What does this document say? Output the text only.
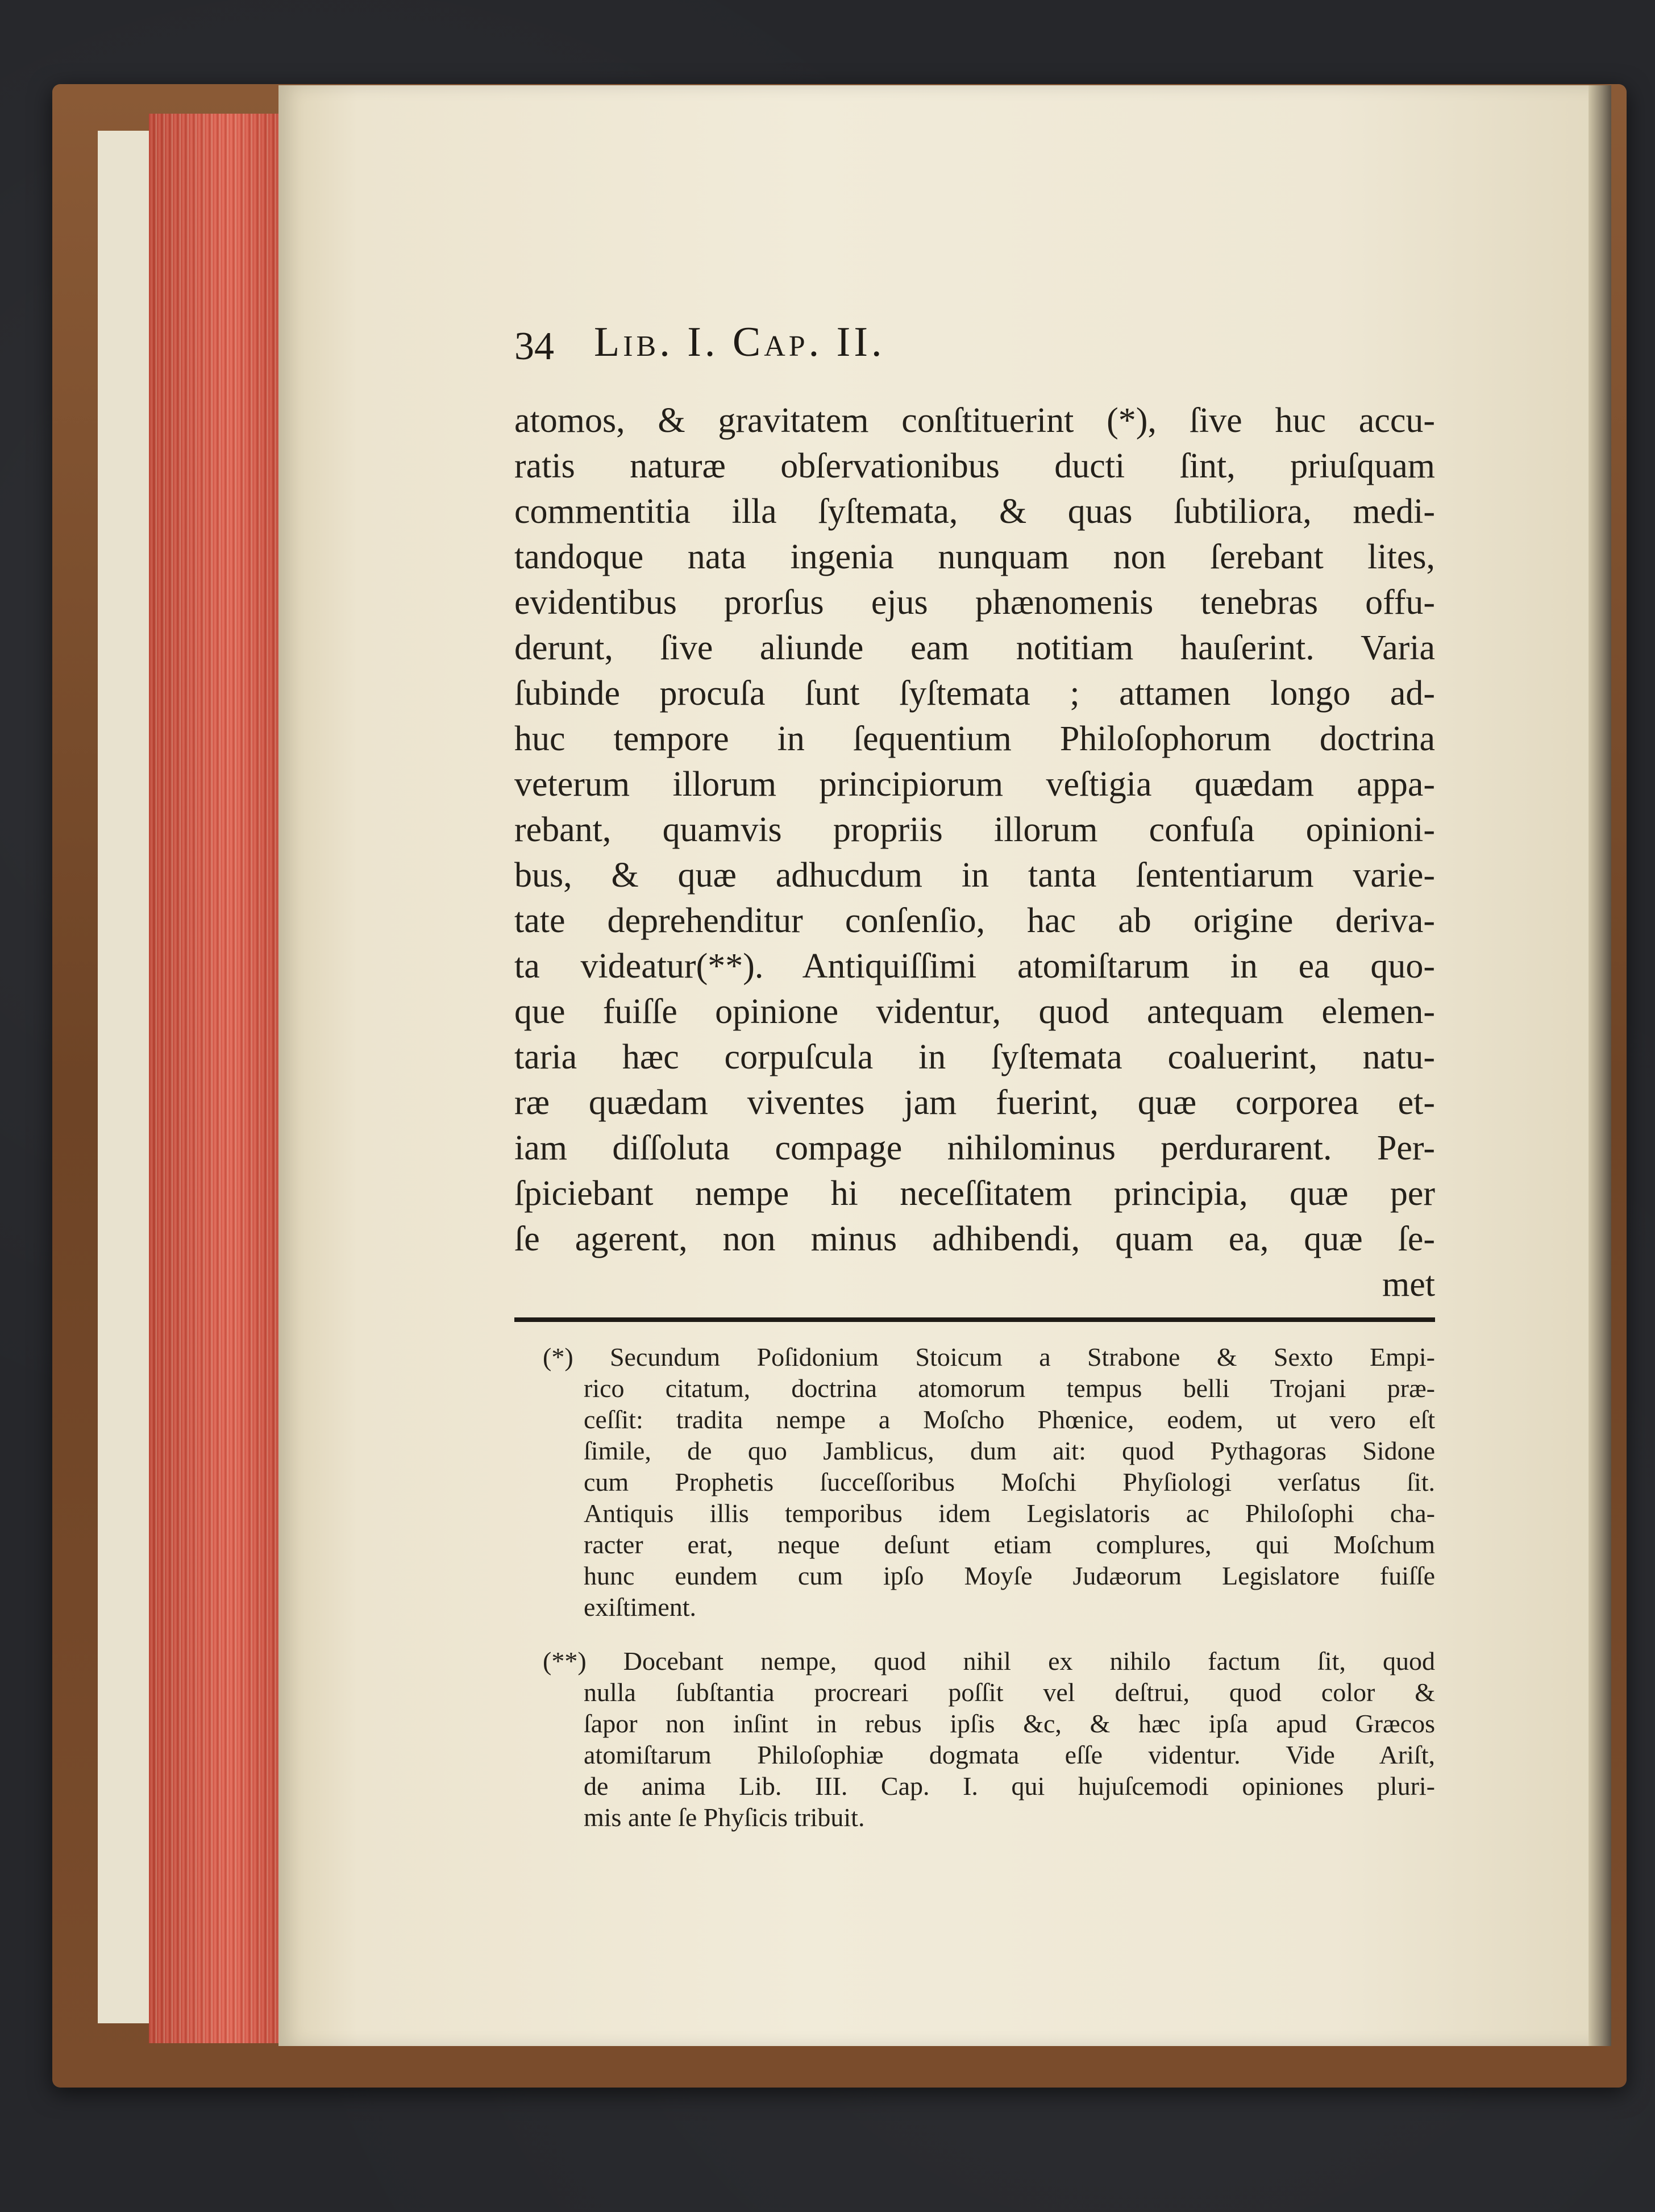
34 Lib. I. Cap. II.
atomos, & gravitatem conſtituerint (*), ſive huc accu-
ratis naturæ obſervationibus ducti ſint, priuſquam
commentitia illa ſyſtemata, & quas ſubtiliora, medi-
tandoque nata ingenia nunquam non ſerebant lites,
evidentibus prorſus ejus phænomenis tenebras offu-
derunt, ſive aliunde eam notitiam hauſerint. Varia
ſubinde procuſa ſunt ſyſtemata ; attamen longo ad-
huc tempore in ſequentium Philoſophorum doctrina
veterum illorum principiorum veſtigia quædam appa-
rebant, quamvis propriis illorum confuſa opinioni-
bus, & quæ adhucdum in tanta ſententiarum varie-
tate deprehenditur conſenſio, hac ab origine deriva-
ta videatur(**). Antiquiſſimi atomiſtarum in ea quo-
que fuiſſe opinione videntur, quod antequam elemen-
taria hæc corpuſcula in ſyſtemata coaluerint, natu-
ræ quædam viventes jam fuerint, quæ corporea et-
iam diſſoluta compage nihilominus perdurarent. Per-
ſpiciebant nempe hi neceſſitatem principia, quæ per
ſe agerent, non minus adhibendi, quam ea, quæ ſe-
met
(*) Secundum Poſidonium Stoicum a Strabone & Sexto Empi-
rico citatum, doctrina atomorum tempus belli Trojani præ-
ceſſit: tradita nempe a Moſcho Phœnice, eodem, ut vero eſt
ſimile, de quo Jamblicus, dum ait: quod Pythagoras Sidone
cum Prophetis ſucceſſoribus Moſchi Phyſiologi verſatus ſit.
Antiquis illis temporibus idem Legislatoris ac Philoſophi cha-
racter erat, neque deſunt etiam complures, qui Moſchum
hunc eundem cum ipſo Moyſe Judæorum Legislatore fuiſſe
exiſtiment.
(**) Docebant nempe, quod nihil ex nihilo factum ſit, quod
nulla ſubſtantia procreari poſſit vel deſtrui, quod color &
ſapor non inſint in rebus ipſis &c, & hæc ipſa apud Græcos
atomiſtarum Philoſophiæ dogmata eſſe videntur. Vide Ariſt,
de anima Lib. III. Cap. I. qui hujuſcemodi opiniones pluri-
mis ante ſe Phyſicis tribuit.
